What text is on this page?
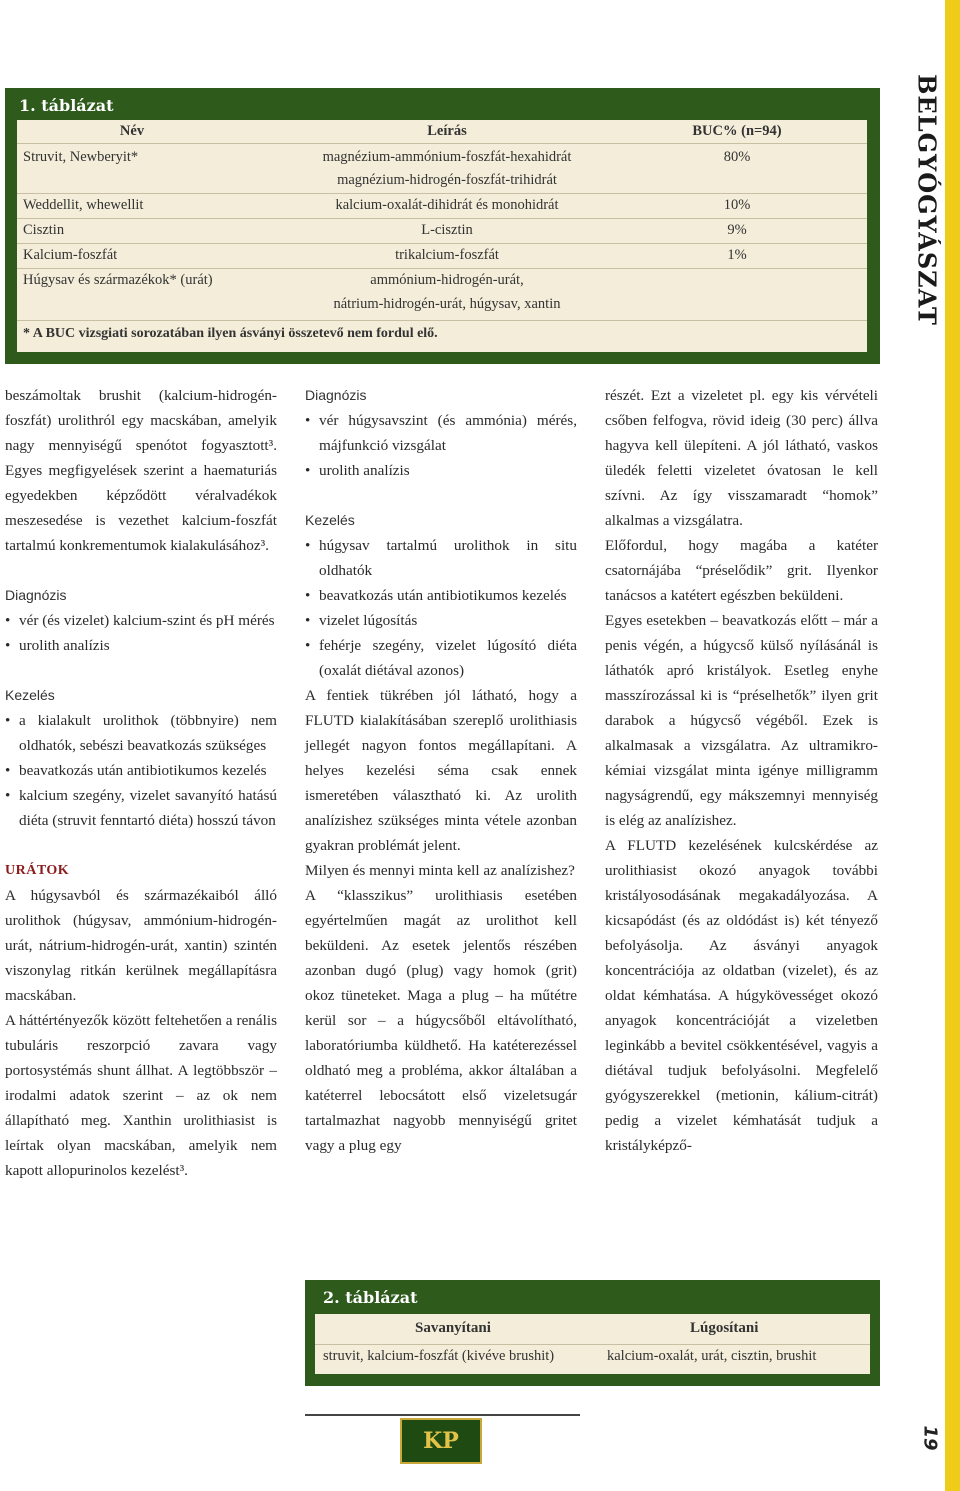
BELGYÓGYÁSZAT
19
1. táblázat
Név	Leírás	BUC% (n=94)
Struvit, Newberyit*	magnézium-ammónium-foszfát-hexahidrát	80%
magnézium-hidrogén-foszfát-trihidrát
Weddellit, whewellit	kalcium-oxalát-dihidrát és monohidrát	10%
Cisztin	L-cisztin	9%
Kalcium-foszfát	trikalcium-foszfát	1%
Húgysav és származékok* (urát)	ammónium-hidrogén-urát,
nátrium-hidrogén-urát, húgysav, xantin
* A BUC vizsgiati sorozatában ilyen ásványi összetevő nem fordul elő.

beszámoltak brushit (kalcium-hidrogén-foszfát) urolithról egy macskában, amelyik nagy mennyiségű spenótot fogyasztott³. Egyes megfigyelések szerint a haematuriás egyedekben képződött véralvadékok meszesedése is vezethet kalcium-foszfát tartalmú konkrementumok kialakulásához³.

Diagnózis
• vér (és vizelet) kalcium-szint és pH mérés
• urolith analízis
Kezelés
• a kialakult urolithok (többnyire) nem oldhatók, sebészi beavatkozás szükséges
• beavatkozás után antibiotikumos kezelés
• kalcium szegény, vizelet savanyító hatású diéta (struvit fenntartó diéta) hosszú távon
URÁTOK

A húgysavból és származékaiból álló urolithok (húgysav, ammónium-hidrogén-urát, nátrium-hidrogén-urát, xantin) szintén viszonylag ritkán kerülnek megállapításra macskában.

A háttértényezők között feltehetően a renális tubuláris reszorpció zavara vagy portosystémás shunt állhat. A legtöbbször – irodalmi adatok szerint – az ok nem állapítható meg. Xanthin urolithiasist is leírtak olyan macskában, amelyik nem kapott allopurinolos kezelést³.

Diagnózis
• vér húgysavszint (és ammónia) mérés, májfunkció vizsgálat
• urolith analízis
Kezelés
• húgysav tartalmú urolithok in situ oldhatók
• beavatkozás után antibiotikumos kezelés
• vizelet lúgosítás
• fehérje szegény, vizelet lúgosító diéta (oxalát diétával azonos)

A fentiek tükrében jól látható, hogy a FLUTD kialakításában szereplő urolithiasis jellegét nagyon fontos megállapítani. A helyes kezelési séma csak ennek ismeretében választható ki. Az urolith analízishez szükséges minta vétele azonban gyakran problémát jelent.

Milyen és mennyi minta kell az analízishez?

A “klasszikus” urolithiasis esetében egyértelműen magát az urolithot kell beküldeni. Az esetek jelentős részében azonban dugó (plug) vagy homok (grit) okoz tüneteket. Maga a plug – ha műtétre kerül sor – a húgycsőből eltávolítható, laboratóriumba küldhető. Ha katéterezéssel oldható meg a probléma, akkor általában a katéterrel lebocsátott első vizeletsugár tartalmazhat nagyobb mennyiségű gritet vagy a plug egy

részét. Ezt a vizeletet pl. egy kis vérvételi csőben felfogva, rövid ideig (30 perc) állva hagyva kell ülepíteni. A jól látható, vaskos üledék feletti vizeletet óvatosan le kell szívni. Az így visszamaradt “homok” alkalmas a vizsgálatra.

Előfordul, hogy magába a katéter csatornájába “préselődik” grit. Ilyenkor tanácsos a katétert egészben beküldeni.

Egyes esetekben – beavatkozás előtt – már a penis végén, a húgycső külső nyílásánál is láthatók apró kristályok. Esetleg enyhe masszírozással ki is “préselhetők” ilyen grit darabok a húgycső végéből. Ezek is alkalmasak a vizsgálatra. Az ultramikro-kémiai vizsgálat minta igénye milligramm nagyságrendű, egy mákszemnyi mennyiség is elég az analízishez.

A FLUTD kezelésének kulcskérdése az urolithiasist okozó anyagok további kristályosodásának megakadályozása. A kicsapódást (és az oldódást is) két tényező befolyásolja. Az ásványi anyagok koncentrációja az oldatban (vizelet), és az oldat kémhatása. A húgykövességet okozó anyagok koncentrációját a vizeletben leginkább a bevitel csökkentésével, vagyis a diétával tudjuk befolyásolni. Megfelelő gyógyszerekkel (metionin, kálium-citrát) pedig a vizelet kémhatását tudjuk a kristályképző-

2. táblázat
Savanyítani	Lúgosítani
struvit, kalcium-foszfát (kivéve brushit)	kalcium-oxalát, urát, cisztin, brushit
KP
